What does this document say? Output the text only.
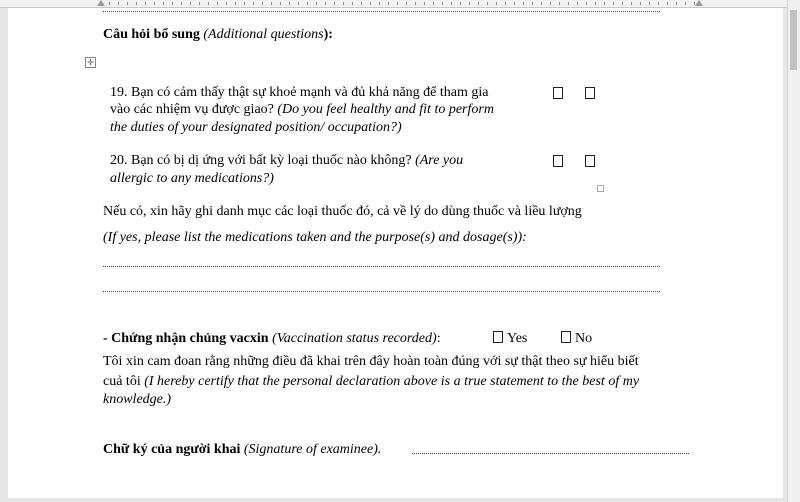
Câu hỏi bổ sung (Additional questions):
✛
19. Bạn có cảm thấy thật sự khoẻ mạnh và đủ khả năng để tham gia
vào các nhiệm vụ được giao? (Do you feel healthy and fit to perform
the duties of your designated position/ occupation?)
20. Bạn có bị dị ứng với bất kỳ loại thuốc nào không? (Are you
allergic to any medications?)
Nếu có, xin hãy ghi danh mục các loại thuốc đó, cả về lý do dùng thuốc và liều lượng
(If yes, please list the medications taken and the purpose(s) and dosage(s)):
- Chứng nhận chủng vacxin (Vaccination status recorded):	Yes	No
Tôi xin cam đoan rằng những điều đã khai trên đây hoàn toàn đúng với sự thật theo sự hiểu biết
cuả tôi (I hereby certify that the personal declaration above is a true statement to the best of my
knowledge.)
Chữ ký của người khai (Signature of examinee).
